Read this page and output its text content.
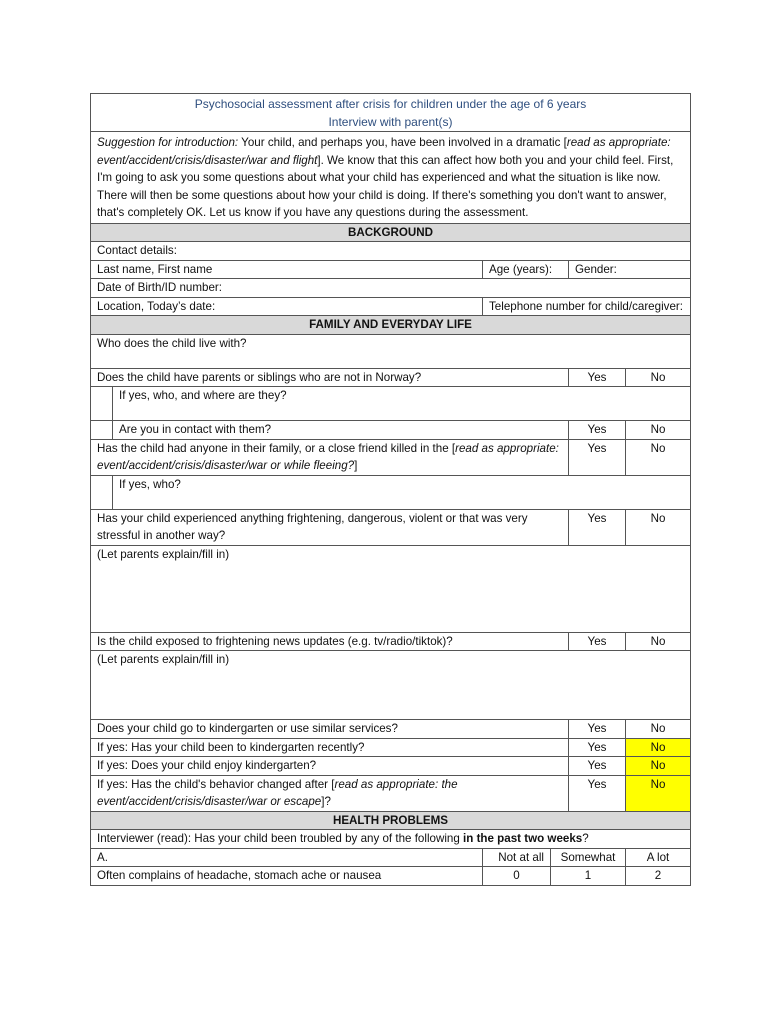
Psychosocial assessment after crisis for children under the age of 6 years
Interview with parent(s)					

Suggestion for introduction: Your child, and perhaps you, have been involved in a dramatic [read as appropriate: event/accident/crisis/disaster/war and flight]. We know that this can affect how both you and your child feel. First, I'm going to ask you some questions about what your child has experienced and what the situation is like now. There will then be some questions about how your child is doing. If there's something you don't want to answer, that's completely OK. Let us know if you have any questions during the assessment.					
BACKGROUND					
Contact details:					
Last name, First name		Age (years):		Gender:	
Date of Birth/ID number:					
Location, Today’s date:		Telephone number for child/caregiver:			
FAMILY AND EVERYDAY LIFE					
Who does the child live with?					
Does the child have parents or siblings who are not in Norway?				Yes	No
	If yes, who, and where are they?				
	Are you in contact with them?			Yes	No
Has the child had anyone in their family, or a close friend killed in the [read as appropriate: event/accident/crisis/disaster/war or while fleeing?]				Yes	No
	If yes, who?				
Has your child experienced anything frightening, dangerous, violent or that was very stressful in another way?				Yes	No
(Let parents explain/fill in)					
Is the child exposed to frightening news updates (e.g. tv/radio/tiktok)?				Yes	No
(Let parents explain/fill in)					
Does your child go to kindergarten or use similar services?				Yes	No
If yes: Has your child been to kindergarten recently?				Yes	No
If yes: Does your child enjoy kindergarten?				Yes	No
If yes: Has the child's behavior changed after [read as appropriate: the event/accident/crisis/disaster/war or escape]?				Yes	No
HEALTH PROBLEMS					
Interviewer (read): Has your child been troubled by any of the following in the past two weeks?					
A.		Not at all	Somewhat		A lot
Often complains of headache, stomach ache or nausea		0	1		2
